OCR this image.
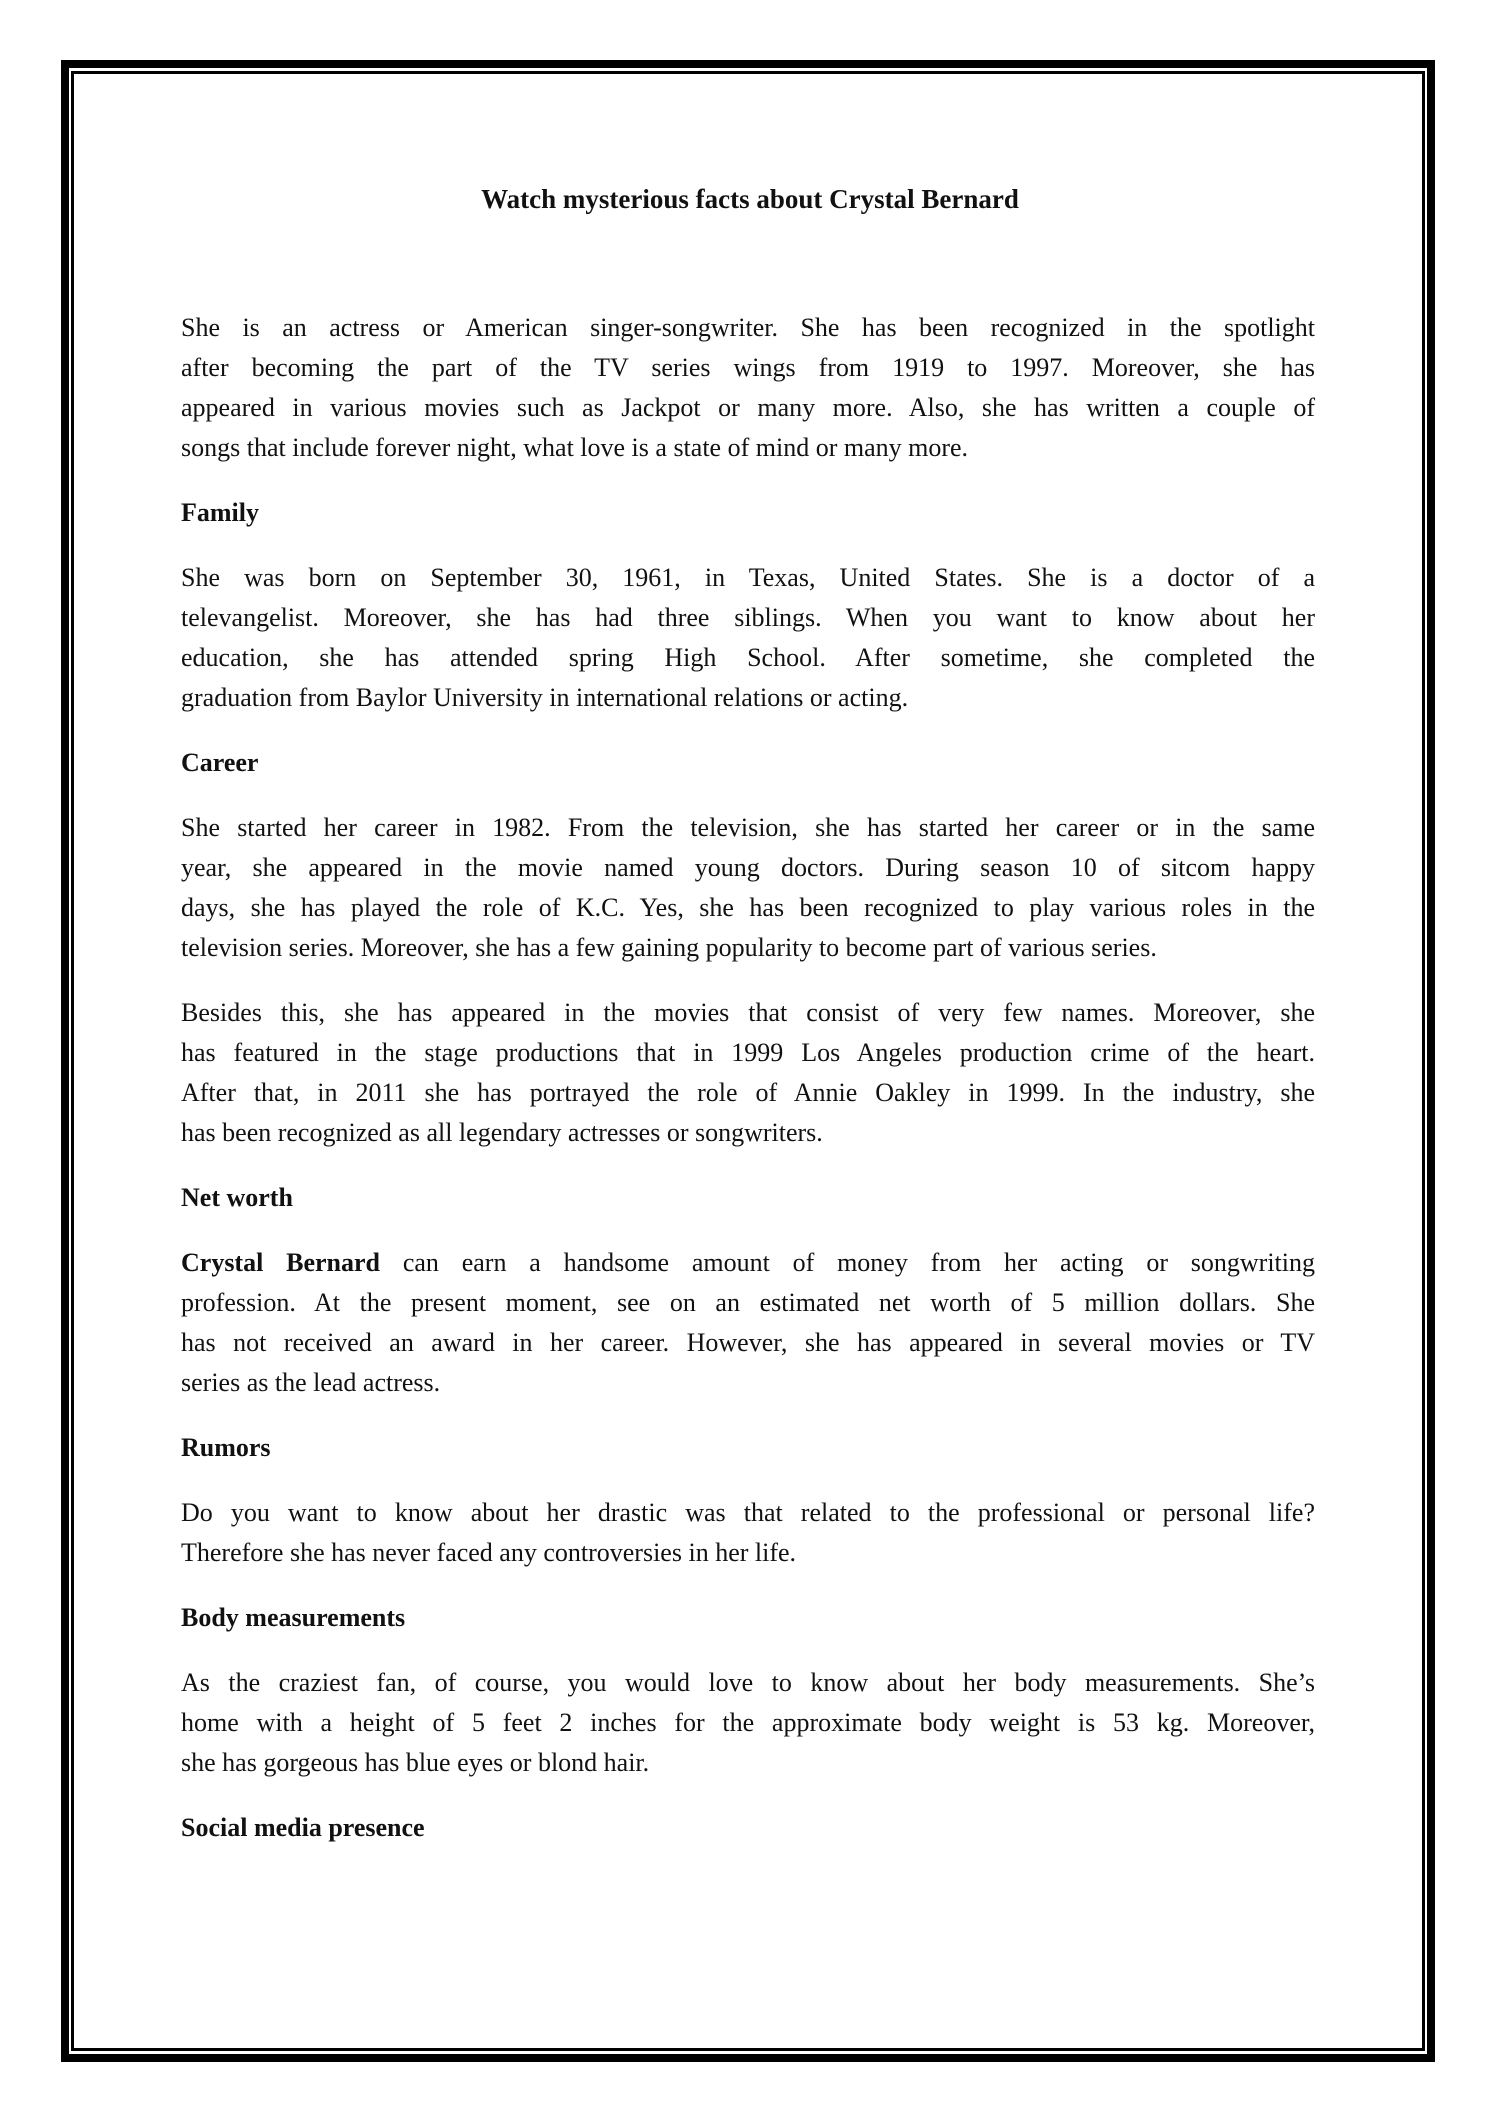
Watch mysterious facts about Crystal Bernard
She is an actress or American singer-songwriter. She has been recognized in the spotlight
after becoming the part of the TV series wings from 1919 to 1997. Moreover, she has
appeared in various movies such as Jackpot or many more. Also, she has written a couple of
songs that include forever night, what love is a state of mind or many more.
Family
She was born on September 30, 1961, in Texas, United States. She is a doctor of a
televangelist. Moreover, she has had three siblings. When you want to know about her
education, she has attended spring High School. After sometime, she completed the
graduation from Baylor University in international relations or acting.
Career
She started her career in 1982. From the television, she has started her career or in the same
year, she appeared in the movie named young doctors. During season 10 of sitcom happy
days, she has played the role of K.C. Yes, she has been recognized to play various roles in the
television series. Moreover, she has a few gaining popularity to become part of various series.
Besides this, she has appeared in the movies that consist of very few names. Moreover, she
has featured in the stage productions that in 1999 Los Angeles production crime of the heart.
After that, in 2011 she has portrayed the role of Annie Oakley in 1999. In the industry, she
has been recognized as all legendary actresses or songwriters.
Net worth
Crystal Bernard can earn a handsome amount of money from her acting or songwriting
profession. At the present moment, see on an estimated net worth of 5 million dollars. She
has not received an award in her career. However, she has appeared in several movies or TV
series as the lead actress.
Rumors
Do you want to know about her drastic was that related to the professional or personal life?
Therefore she has never faced any controversies in her life.
Body measurements
As the craziest fan, of course, you would love to know about her body measurements. She’s
home with a height of 5 feet 2 inches for the approximate body weight is 53 kg. Moreover,
she has gorgeous has blue eyes or blond hair.
Social media presence
